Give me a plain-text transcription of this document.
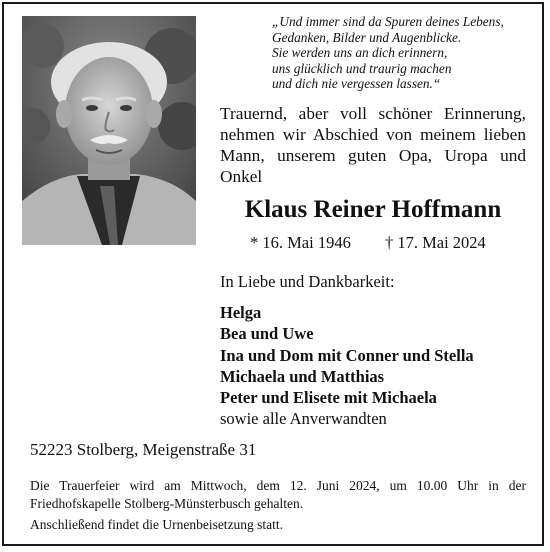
„Und immer sind da Spuren deines Lebens,
Gedanken, Bilder und Augenblicke.
Sie werden uns an dich erinnern,
uns glücklich und traurig machen
und dich nie vergessen lassen.“
Trauernd, aber voll schöner Erinnerung,
nehmen wir Abschied von meinem lieben
Mann, unserem guten Opa, Uropa und
Onkel
Klaus Reiner Hoffmann
* 16. Mai 1946 † 17. Mai 2024
In Liebe und Dankbarkeit:
Helga
Bea und Uwe
Ina und Dom mit Conner und Stella
Michaela und Matthias
Peter und Elisete mit Michaela
sowie alle Anverwandten
52223 Stolberg, Meigenstraße 31
Die Trauerfeier wird am Mittwoch, dem 12. Juni 2024, um 10.00 Uhr in der
Friedhofskapelle Stolberg-Münsterbusch gehalten.
Anschließend findet die Urnenbeisetzung statt.
